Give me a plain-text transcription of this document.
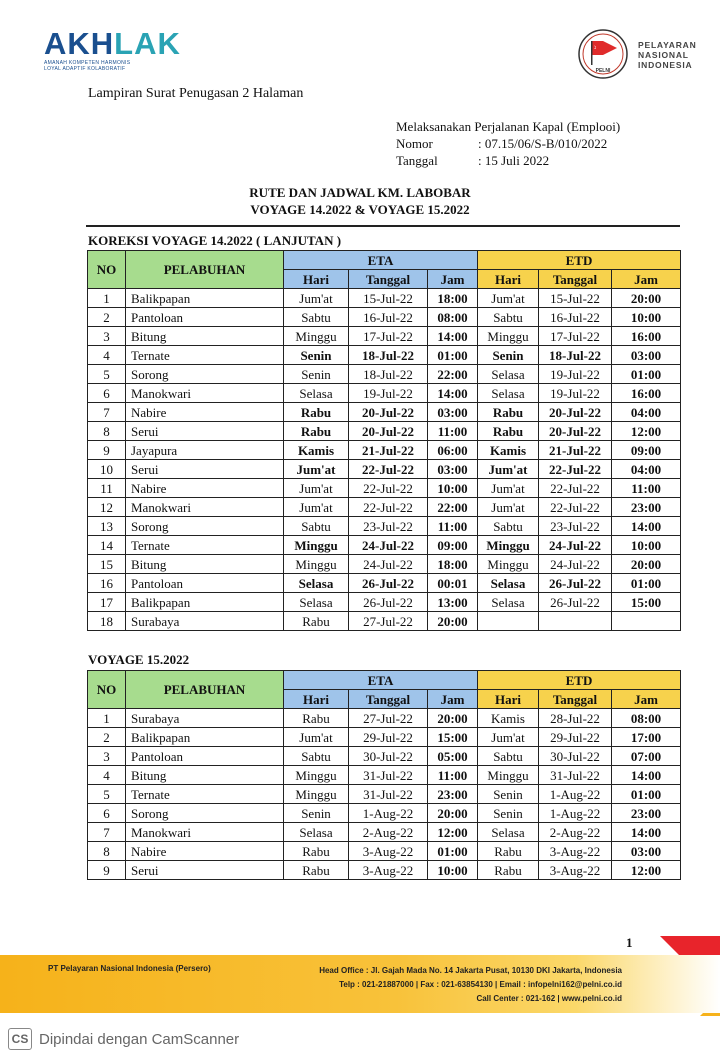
AKHLAK
AMANAH KOMPETEN HARMONIS
LOYAL ADAPTIF KOLABORATIF	PELNI
PELAYARAN
NASIONAL
INDONESIA
Lampiran Surat Penugasan 2 Halaman
Melaksanakan Perjalanan Kapal (Emplooi)
Nomor	: 07.15/06/S-B/010/2022
Tanggal	: 15 Juli 2022
RUTE DAN JADWAL KM. LABOBAR
VOYAGE 14.2022 & VOYAGE 15.2022
KOREKSI VOYAGE 14.2022 ( LANJUTAN )
NO	PELABUHAN	ETA			ETD		
		Hari	Tanggal	Jam	Hari	Tanggal	Jam
1	Balikpapan	Jum'at	15-Jul-22	18:00	Jum'at	15-Jul-22	20:00
2	Pantoloan	Sabtu	16-Jul-22	08:00	Sabtu	16-Jul-22	10:00
3	Bitung	Minggu	17-Jul-22	14:00	Minggu	17-Jul-22	16:00
4	Ternate	Senin	18-Jul-22	01:00	Senin	18-Jul-22	03:00
5	Sorong	Senin	18-Jul-22	22:00	Selasa	19-Jul-22	01:00
6	Manokwari	Selasa	19-Jul-22	14:00	Selasa	19-Jul-22	16:00
7	Nabire	Rabu	20-Jul-22	03:00	Rabu	20-Jul-22	04:00
8	Serui	Rabu	20-Jul-22	11:00	Rabu	20-Jul-22	12:00
9	Jayapura	Kamis	21-Jul-22	06:00	Kamis	21-Jul-22	09:00
10	Serui	Jum'at	22-Jul-22	03:00	Jum'at	22-Jul-22	04:00
11	Nabire	Jum'at	22-Jul-22	10:00	Jum'at	22-Jul-22	11:00
12	Manokwari	Jum'at	22-Jul-22	22:00	Jum'at	22-Jul-22	23:00
13	Sorong	Sabtu	23-Jul-22	11:00	Sabtu	23-Jul-22	14:00
14	Ternate	Minggu	24-Jul-22	09:00	Minggu	24-Jul-22	10:00
15	Bitung	Minggu	24-Jul-22	18:00	Minggu	24-Jul-22	20:00
16	Pantoloan	Selasa	26-Jul-22	00:01	Selasa	26-Jul-22	01:00
17	Balikpapan	Selasa	26-Jul-22	13:00	Selasa	26-Jul-22	15:00
18	Surabaya	Rabu	27-Jul-22	20:00			
VOYAGE 15.2022
NO	PELABUHAN	ETA			ETD		
		Hari	Tanggal	Jam	Hari	Tanggal	Jam
1	Surabaya	Rabu	27-Jul-22	20:00	Kamis	28-Jul-22	08:00
2	Balikpapan	Jum'at	29-Jul-22	15:00	Jum'at	29-Jul-22	17:00
3	Pantoloan	Sabtu	30-Jul-22	05:00	Sabtu	30-Jul-22	07:00
4	Bitung	Minggu	31-Jul-22	11:00	Minggu	31-Jul-22	14:00
5	Ternate	Minggu	31-Jul-22	23:00	Senin	1-Aug-22	01:00
6	Sorong	Senin	1-Aug-22	20:00	Senin	1-Aug-22	23:00
7	Manokwari	Selasa	2-Aug-22	12:00	Selasa	2-Aug-22	14:00
8	Nabire	Rabu	3-Aug-22	01:00	Rabu	3-Aug-22	03:00
9	Serui	Rabu	3-Aug-22	10:00	Rabu	3-Aug-22	12:00
1
PT Pelayaran Nasional Indonesia (Persero)	Head Office : Jl. Gajah Mada No. 14 Jakarta Pusat, 10130 DKI Jakarta, Indonesia
Telp : 021-21887000 | Fax : 021-63854130 | Email : infopelni162@pelni.co.id
Call Center : 021-162 | www.pelni.co.id
CS Dipindai dengan CamScanner
